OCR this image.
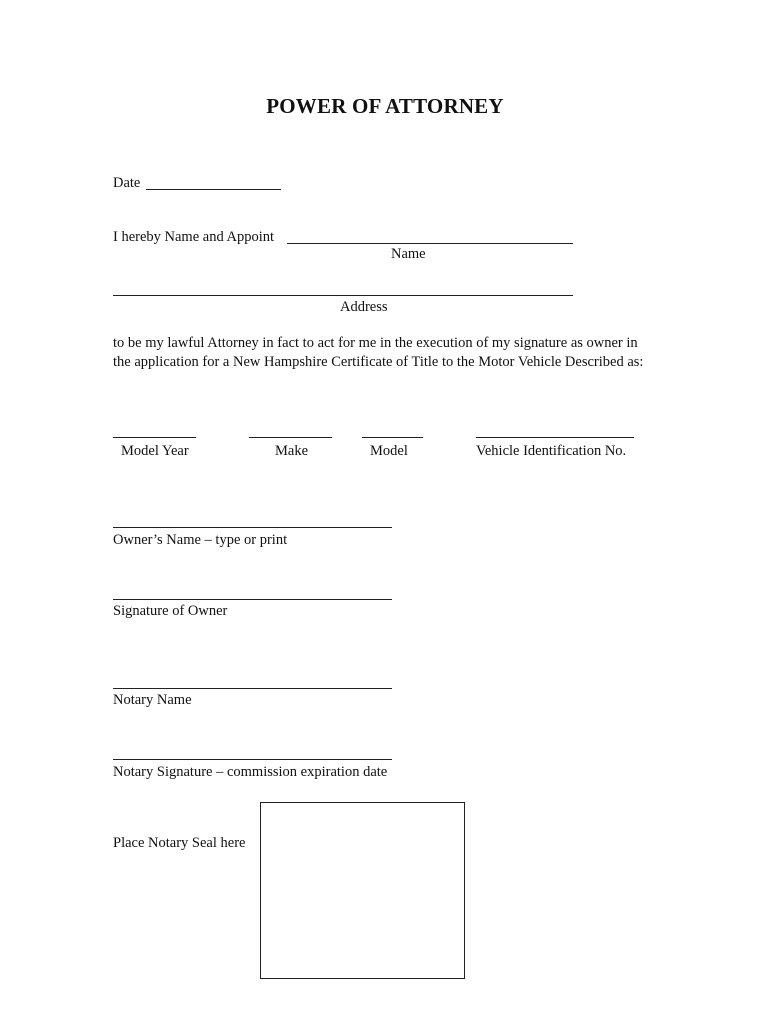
POWER OF ATTORNEY
Date
I hereby Name and Appoint
Name
Address
to be my lawful Attorney in fact to act for me in the execution of my signature as owner in the application for a New Hampshire Certificate of Title to the Motor Vehicle Described as:
Model Year	Make	Model	Vehicle Identification No.
Owner’s Name – type or print
Signature of Owner
Notary Name
Notary Signature – commission expiration date
Place Notary Seal here
